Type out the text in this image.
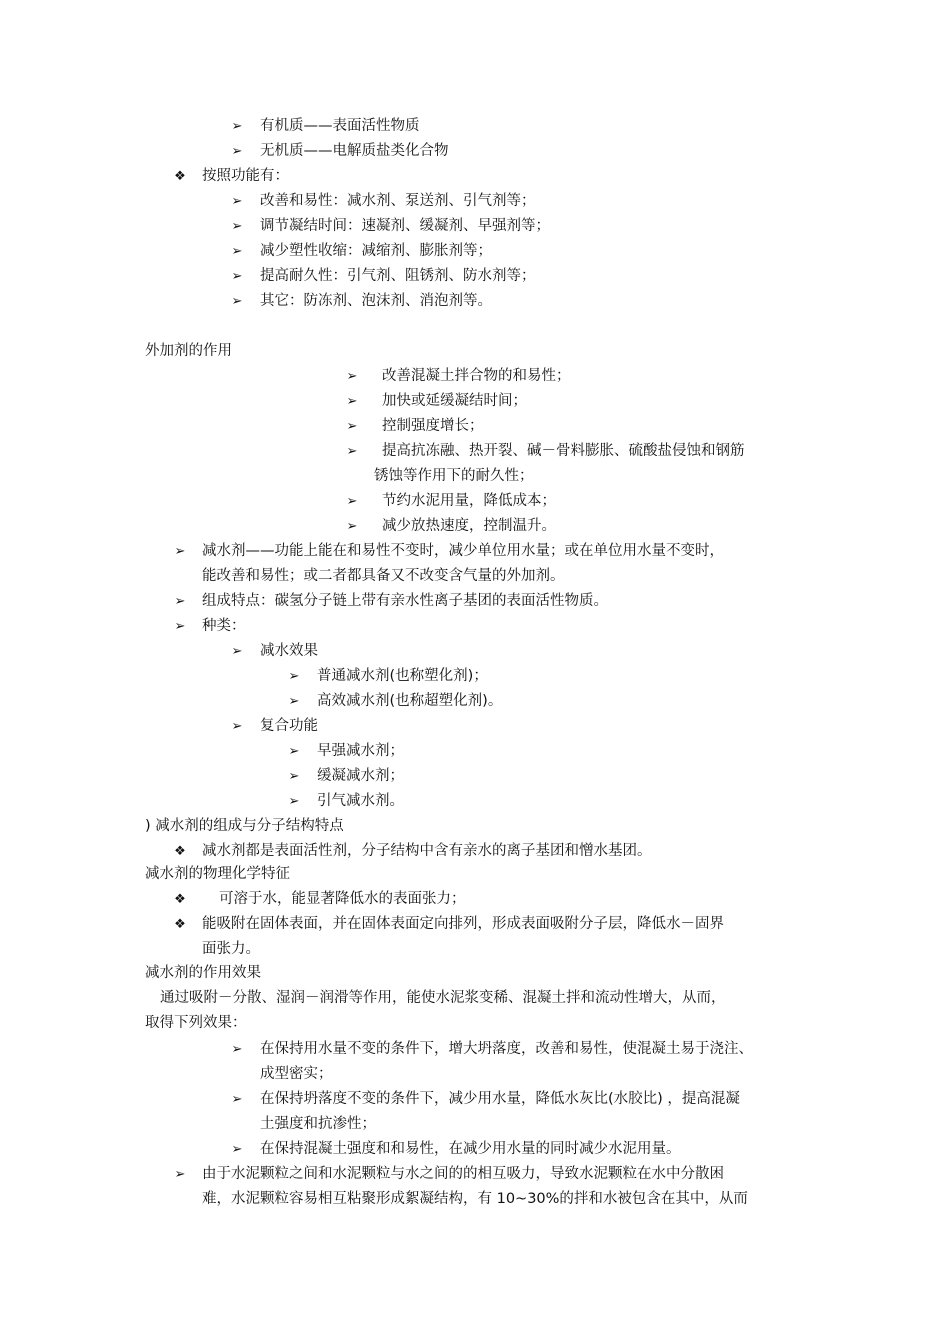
➢
有机质——表面活性物质
➢
无机质——电解质盐类化合物
❖
按照功能有：
➢
改善和易性：减水剂、泵送剂、引气剂等；
➢
调节凝结时间：速凝剂、缓凝剂、早强剂等；
➢
减少塑性收缩：减缩剂、膨胀剂等；
➢
提高耐久性：引气剂、阻锈剂、防水剂等；
➢
其它：防冻剂、泡沫剂、消泡剂等。
外加剂的作用
➢
改善混凝土拌合物的和易性；
➢
加快或延缓凝结时间；
➢
控制强度增长；
➢
提高抗冻融、热开裂、碱－骨料膨胀、硫酸盐侵蚀和钢筋
锈蚀等作用下的耐久性；
➢
节约水泥用量，降低成本；
➢
减少放热速度，控制温升。
➢
减水剂——功能上能在和易性不变时，减少单位用水量；或在单位用水量不变时，
能改善和易性；或二者都具备又不改变含气量的外加剂。
➢
组成特点：碳氢分子链上带有亲水性离子基团的表面活性物质。
➢
种类：
➢
减水效果
➢
普通减水剂(也称塑化剂)；
➢
高效减水剂(也称超塑化剂)。
➢
复合功能
➢
早强减水剂；
➢
缓凝减水剂；
➢
引气减水剂。
) 减水剂的组成与分子结构特点
❖
减水剂都是表面活性剂，分子结构中含有亲水的离子基团和憎水基团。
减水剂的物理化学特征
❖
可溶于水，能显著降低水的表面张力；
❖
能吸附在固体表面，并在固体表面定向排列，形成表面吸附分子层，降低水－固界
面张力。
减水剂的作用效果
通过吸附－分散、湿润－润滑等作用，能使水泥浆变稀、混凝土拌和流动性增大，从而，
取得下列效果：
➢
在保持用水量不变的条件下，增大坍落度，改善和易性，使混凝土易于浇注、
成型密实；
➢
在保持坍落度不变的条件下，减少用水量，降低水灰比(水胶比) ，提高混凝
土强度和抗渗性；
➢
在保持混凝土强度和和易性，在减少用水量的同时减少水泥用量。
➢
由于水泥颗粒之间和水泥颗粒与水之间的的相互吸力，导致水泥颗粒在水中分散困
难，水泥颗粒容易相互粘聚形成絮凝结构，有 10~30%的拌和水被包含在其中，从而
